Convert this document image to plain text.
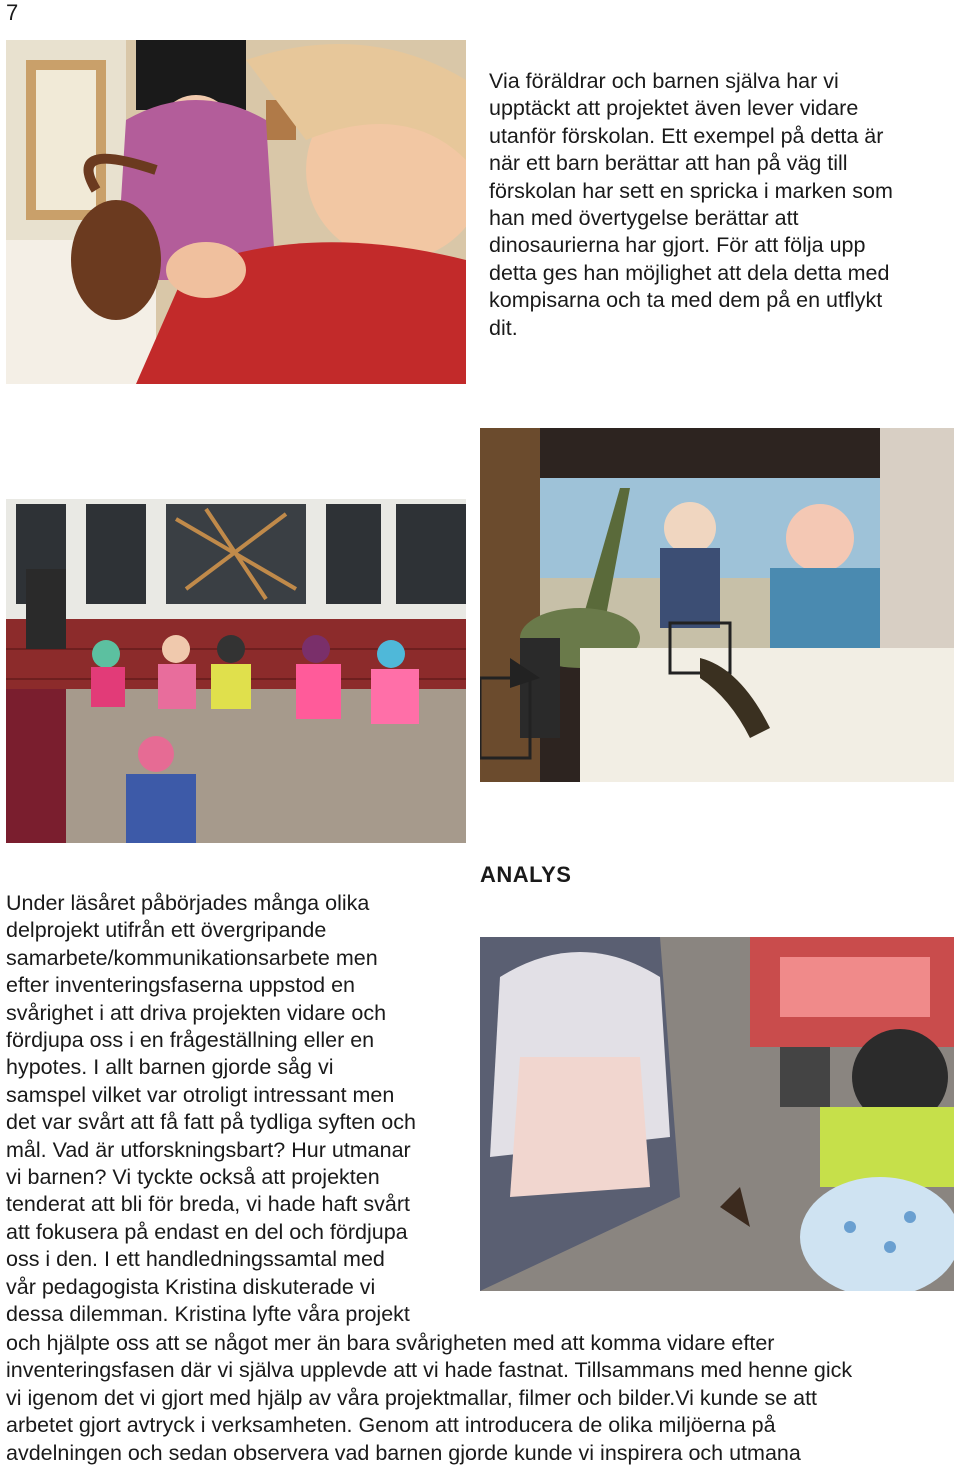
7
Via föräldrar och barnen själva har vi
upptäckt att projektet även lever vidare
utanför förskolan. Ett exempel på detta är
när ett barn berättar att han på väg till
förskolan har sett en spricka i marken som
han med övertygelse berättar att
dinosaurierna har gjort. För att följa upp
detta ges han möjlighet att dela detta med
kompisarna och ta med dem på en utflykt
dit.
ANALYS
Under läsåret påbörjades många olika
delprojekt utifrån ett övergripande
samarbete/kommunikationsarbete men
efter inventeringsfaserna uppstod en
svårighet i att driva projekten vidare och
fördjupa oss i en frågeställning eller en
hypotes. I allt barnen gjorde såg vi
samspel vilket var otroligt intressant men
det var svårt att få fatt på tydliga syften och
mål. Vad är utforskningsbart? Hur utmanar
vi barnen? Vi tyckte också att projekten
tenderat att bli för breda, vi hade haft svårt
att fokusera på endast en del och fördjupa
oss i den. I ett handledningssamtal med
vår pedagogista Kristina diskuterade vi
dessa dilemman. Kristina lyfte våra projekt
och hjälpte oss att se något mer än bara svårigheten med att komma vidare efter
inventeringsfasen där vi själva upplevde att vi hade fastnat. Tillsammans med henne gick
vi igenom det vi gjort med hjälp av våra projektmallar, filmer och bilder.Vi kunde se att
arbetet gjort avtryck i verksamheten. Genom att introducera de olika miljöerna på
avdelningen och sedan observera vad barnen gjorde kunde vi inspirera och utmana
